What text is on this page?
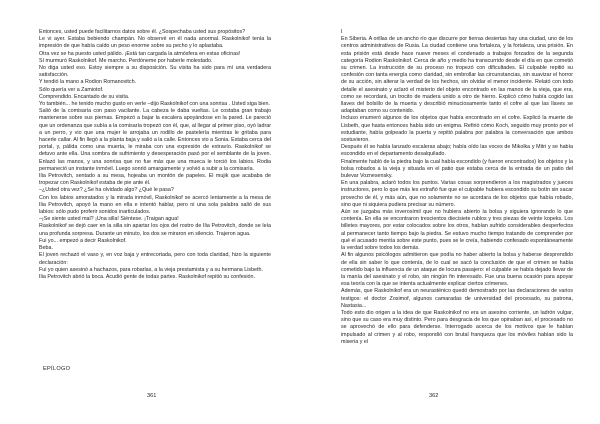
Entonces, usted puede facilitarnos datos sobre él. ¿Sospechaba usted sus propósitos?

Le vi ayer. Estaba bebiendo champán. No observé en él nada anormal. Raskolnikof tenía la impresión de que había caído un peso enorme sobre su pecho y lo aplastaba.

Otra vez se ha puesto usted pálido. ¡Está tan cargada la atmósfera en estas oficinas!

Sí murmuró Raskolnikof. Me marcho. Perdóneme por haberle molestado.

No diga usted eso. Estoy siempre a su disposición. Su visita ha sido para mí una verdadera satisfacción.

Y tendió la mano a Rodion Romanovitch.

Sólo quería ver a Zamiotof.

Comprendido. Encantado de su visita.

Yo también... he tenido mucho gusto en verle –dijo Raskolnikof con una sonrisa . Usted siga bien.

Salió de la comisaría con paso vacilante. La cabeza le daba vueltas. Le costaba gran trabajo mantenerse sobre sus piernas. Empezó a bajar la escalera apoyándose en la pared. Le pareció que un ordenanza que subía a la comisaría tropezó con él, que, al llegar al primer piso, oyó ladrar a un perro, y vio que una mujer le arrojaba un rodillo de pastelería mientras le gritaba para hacerle callar. Al fin llegó a la planta baja y salió a la calle. Entonces vio a Sonia. Estaba cerca del portal, y, pálida como una muerta, le miraba con una expresión de extravío. Raskolnikof se detuvo ante ella. Una sombra de sufrimiento y desesperación pasó por el semblante de la joven. Enlazó las manos, y una sonrisa que no fue más que una mueca le torció los labios. Rodia permaneció un instante inmóvil. Luego sonrió amargamente y volvió a subir a la comisaría.

Ilia Petrovitch, sentado a su mesa, hojeaba un montón de papeles. El mujik que acababa de tropezar con Raskolnikof estaba de pie ante él.

–¿Usted otra vez? ¿Se ha olvidado algo? ¿Qué le pasa?

Con los labios amoratados y la mirada inmóvil, Raskolnikof se acercó lentamente a la mesa de Ilia Petrovitch, apoyó la mano en ella e intentó hablar, pero ni una sola palabra salió de sus labios: sólo pudo proferir sonidos inarticulados.

–¡Se siente usted mal? ¡Una silla! Siéntese. ¡Traigan agua!

Raskolnikof se dejó caer en la silla sin apartar los ojos del rostro de Ilia Petrovitch, donde se leía una profunda sorpresa. Durante un minuto, los dos se miraron en silencio. Trajeron agua.

Fui yo... empezó a decir Raskolnikof.

Beba.

El joven rechazó el vaso y, en voz baja y entrecortada, pero con toda claridad, hizo la siguiente declaración:

Fui yo quien asesinó a hachazos, para robarlas, a la vieja prestamista y a su hermana Lisbeth.

Ilia Petrovitch abrió la boca. Acudió gente de todas partes. Raskolnikof repitió su confesión.

EPÍLOGO
361

I

En Siberia. A orillas de un ancho río que discurre por tierras desiertas hay una ciudad, uno de los centros administrativos de Rusia. La ciudad contiene una fortaleza, y la fortaleza, una prisión. En esta prisión está desde hace nueve meses el condenado a trabajos forzados de la segunda categoría Rodion Raskolnikof. Cerca de año y medio ha transcurrido desde el día en que cometió su crimen. La instrucción de su proceso no tropezó con dificultades. El culpable repitió su confesión con tanta energía como claridad, sin embrollar las circunstancias, sin suavizar el horror de su acción, sin alterar la verdad de los hechos, sin olvidar el menor incidente. Relató con todo detalle el asesinato y aclaró el misterio del objeto encontrado en las manos de la vieja, que era, como se recordará, un trocito de madera unido a otro de hierro. Explicó cómo había cogido las llaves del bolsillo de la muerta y describió minuciosamente tanto el cofre al que las llaves se adaptaban como su contenido.

Incluso enumeró algunos de los objetos que había encontrado en el cofre. Explicó la muerte de Lisbeth, que hasta entonces había sido un enigma. Refirió cómo Koch, seguido muy pronto por el estudiante, había golpeado la puerta y repitió palabra por palabra la conversación que ambos sostuvieron.

Después él se había lanzado escaleras abajo; había oído las voces de Mikolka y Mitri y se había escondido en el departamento desalquilado.

Finalmente habló de la piedra bajo la cual había escondido (y fueron encontrados) los objetos y la bolsa robados a la vieja y situada en el patio que estaba cerca de la entrada de un patio del bulevar Voznesensky.

En una palabra, aclaró todos los puntos. Varias cosas sorprendieron a los magistrados y jueces instructores, pero lo que más les extrañó fue que el culpable hubiera escondido su botín sin sacar provecho de él, y más aún, que no solamente no se acordara de los objetos que había robado, sino que ni siquiera pudiera precisar su número.

Aún se juzgaba más inverosímil que no hubiera abierto la bolsa y siguiera ignorando lo que contenía. En ella se encontraron trescientos diecisiete rublos y tres piezas de veinte kopeks. Los billetes mayores, por estar colocados sobre los otros, habían sufrido considerables desperfectos al permanecer tanto tiempo bajo la piedra. Se estuvo mucho tiempo tratando de comprender por qué el acusado mentía sobre este punto, pues se le creía, habiendo confesado espontáneamente la verdad sobre todos los demás.

Al fin algunos psicólogos admitieron que podía no haber abierto la bolsa y haberse desprendido de ella sin saber lo que contenía, de lo cual se sacó la conclusión de que el crimen se había cometido bajo la influencia de un ataque de locura pasajero: el culpable se había dejado llevar de la manía del asesinato y el robo, sin ningún fin interesado. Fue una buena ocasión para apoyar esa teoría con la que se intenta actualmente explicar ciertos crímenes.

Además, que Raskolnikof era un neurasténico quedó demostrado por las declaraciones de varios testigos: el doctor Zosimof, algunos camaradas de universidad del procesado, su patrona, Nastasia...

Todo esto dio origen a la idea de que Raskolnikof no era un asesino corriente, un ladrón vulgar, sino que su caso era muy distinto. Pero para desgracia de los que opinaban así, el procesado no se aprovechó de ello para defenderse. Interrogado acerca de los motivos que le habían impulsado al crimen y al robo, respondió con brutal franqueza que los móviles habían sido la miseria y el

362
